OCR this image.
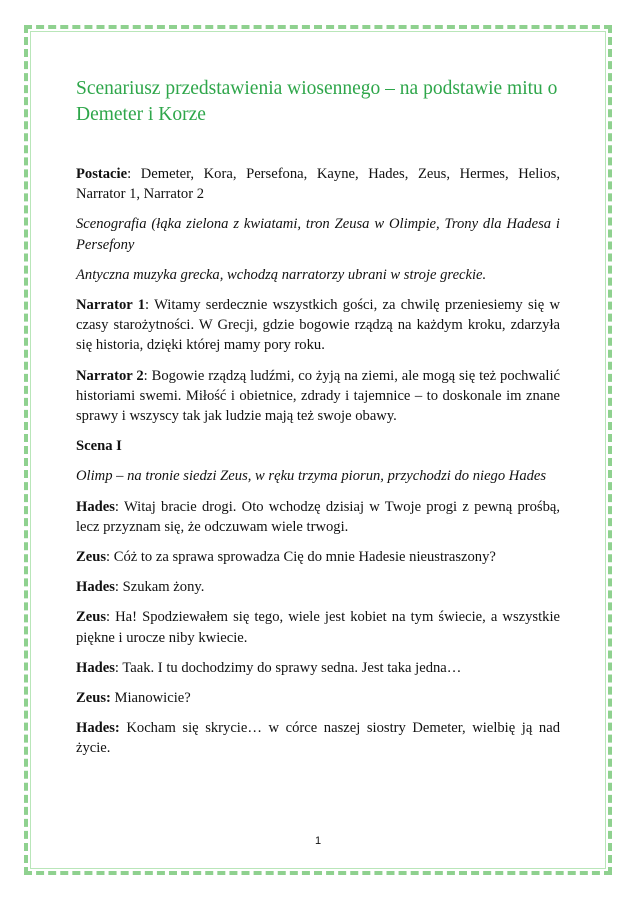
Scenariusz przedstawienia wiosennego – na podstawie mitu o Demeter i Korze

Postacie: Demeter, Kora, Persefona, Kayne, Hades, Zeus, Hermes, Helios, Narrator 1, Narrator 2

Scenografia (łąka zielona z kwiatami, tron Zeusa w Olimpie, Trony dla Hadesa i Persefony

Antyczna muzyka grecka, wchodzą narratorzy ubrani w stroje greckie.

Narrator 1: Witamy serdecznie wszystkich gości, za chwilę przeniesiemy się w czasy starożytności. W Grecji, gdzie bogowie rządzą na każdym kroku, zdarzyła się historia, dzięki której mamy pory roku.

Narrator 2: Bogowie rządzą ludźmi, co żyją na ziemi, ale mogą się też pochwalić historiami swemi. Miłość i obietnice, zdrady i tajemnice – to doskonale im znane sprawy i wszyscy tak jak ludzie mają też swoje obawy.

Scena I

Olimp – na tronie siedzi Zeus, w ręku trzyma piorun, przychodzi do niego Hades

Hades: Witaj bracie drogi. Oto wchodzę dzisiaj w Twoje progi z pewną prośbą, lecz przyznam się, że odczuwam wiele trwogi.

Zeus: Cóż to za sprawa sprowadza Cię do mnie Hadesie nieustraszony?

Hades: Szukam żony.

Zeus: Ha! Spodziewałem się tego, wiele jest kobiet na tym świecie, a wszystkie piękne i urocze niby kwiecie.

Hades: Taak. I tu dochodzimy do sprawy sedna. Jest taka jedna…

Zeus: Mianowicie?

Hades: Kocham się skrycie… w córce naszej siostry Demeter, wielbię ją nad życie.

1
